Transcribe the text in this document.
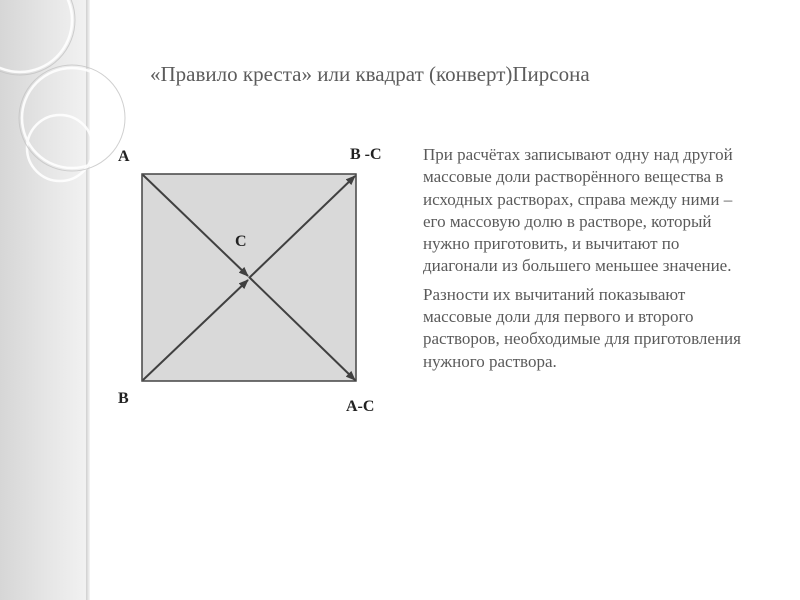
«Правило креста» или квадрат (конверт)Пирсона
А	В -С
С
В	А-С

При расчётах записывают одну над другой массовые доли растворённого вещества в исходных растворах, справа между ними – его массовую долю в растворе, который нужно приготовить, и вычитают по диагонали из большего меньшее значение.

Разности их вычитаний показывают массовые доли для первого и второго растворов, необходимые для приготовления нужного раствора.
